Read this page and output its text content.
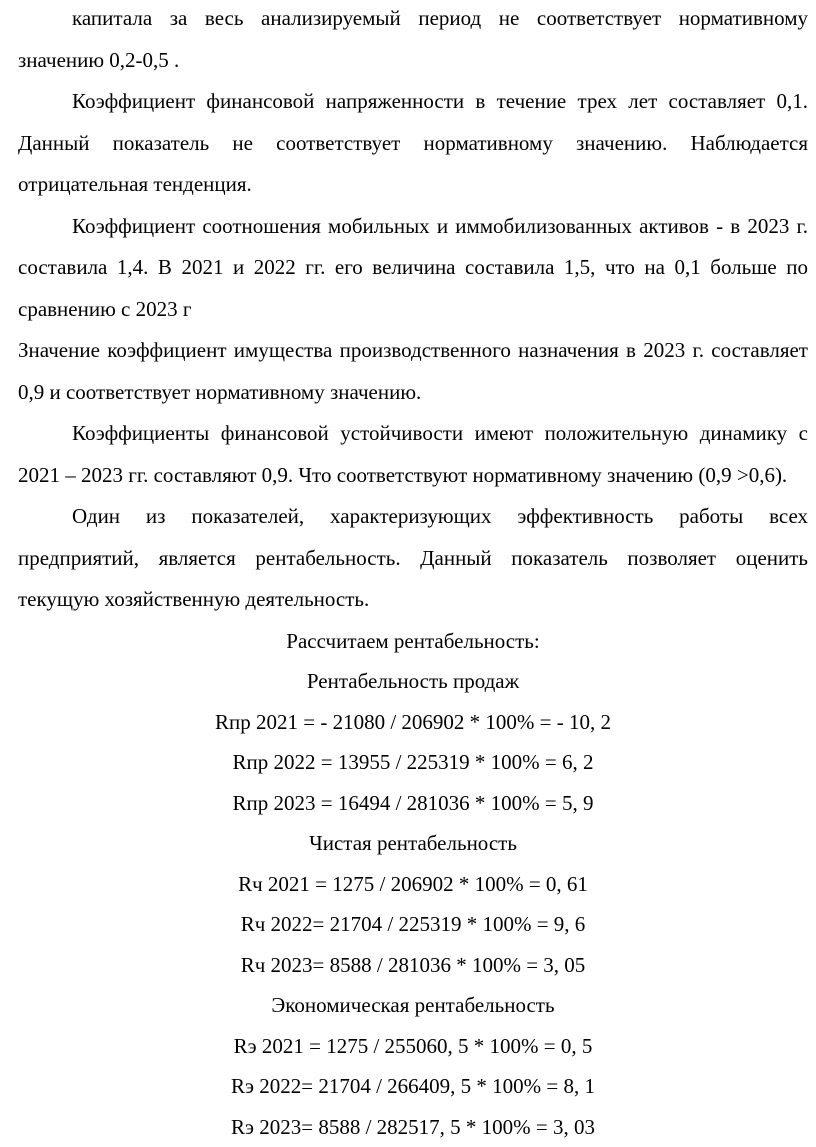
капитала за весь анализируемый период не соответствует нормативному значению 0,2-0,5 .

Коэффициент финансовой напряженности в течение трех лет составляет 0,1. Данный показатель не соответствует нормативному значению. Наблюдается отрицательная тенденция.

Коэффициент соотношения мобильных и иммобилизованных активов - в 2023 г. составила 1,4. В 2021 и 2022 гг. его величина составила 1,5, что на 0,1 больше по сравнению с 2023 г

Значение коэффициент имущества производственного назначения в 2023 г. составляет 0,9 и соответствует нормативному значению.

Коэффициенты финансовой устойчивости имеют положительную динамику с 2021 – 2023 гг. составляют 0,9. Что соответствуют нормативному значению (0,9 >0,6).

Один из показателей, характеризующих эффективность работы всех предприятий, является рентабельность. Данный показатель позволяет оценить текущую хозяйственную деятельность.

Рассчитаем рентабельность:

Рентабельность продаж

Rпр 2021 = - 21080 / 206902 * 100% = - 10, 2

Rпр 2022 = 13955 / 225319 * 100% = 6, 2

Rпр 2023 = 16494 / 281036 * 100% = 5, 9

Чистая рентабельность

Rч 2021 = 1275 / 206902 * 100% = 0, 61

Rч 2022= 21704 / 225319 * 100% = 9, 6

Rч 2023= 8588 / 281036 * 100% = 3, 05

Экономическая рентабельность

Rэ 2021 = 1275 / 255060, 5 * 100% = 0, 5

Rэ 2022= 21704 / 266409, 5 * 100% = 8, 1

Rэ 2023= 8588 / 282517, 5 * 100% = 3, 03
